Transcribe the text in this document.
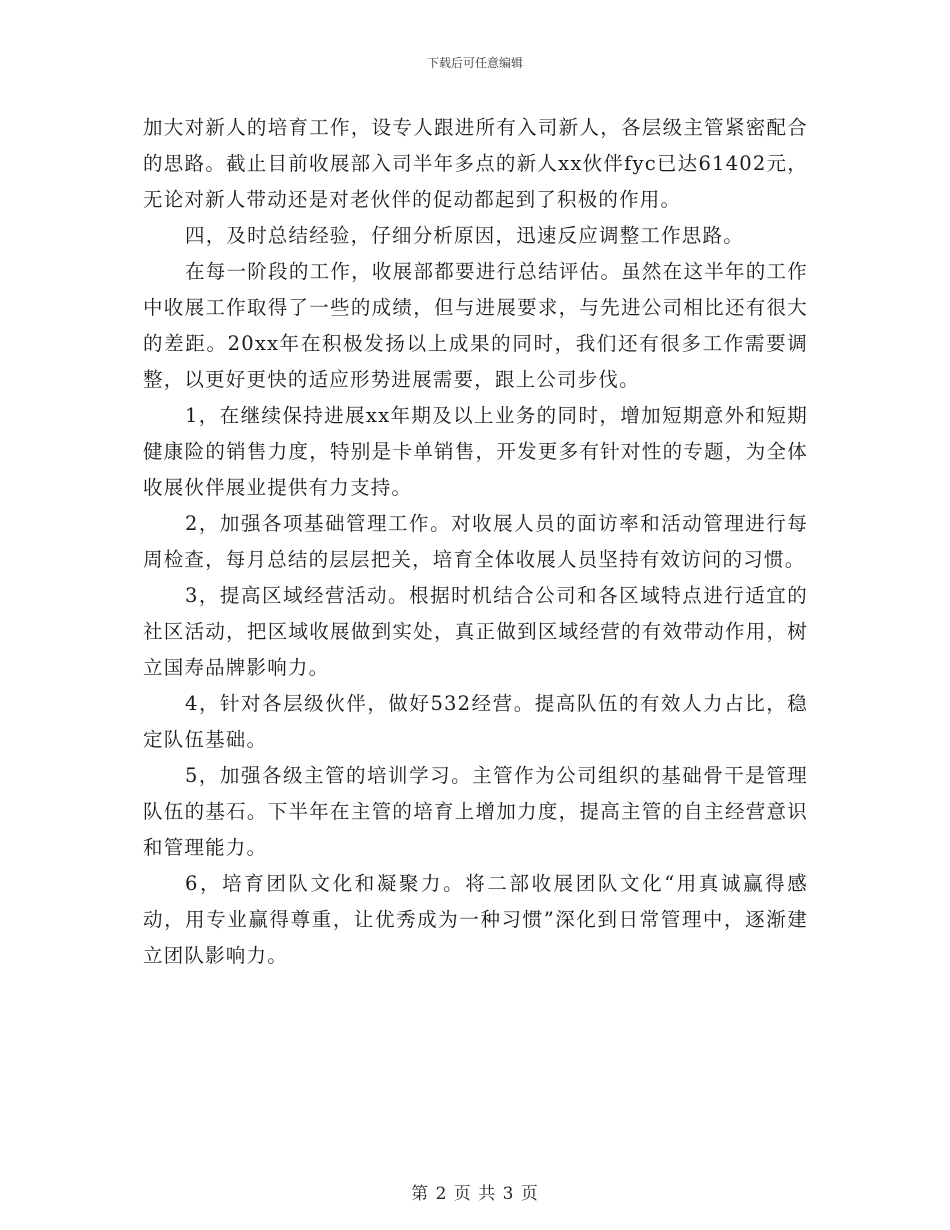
下载后可任意编辑

加大对新人的培育工作，设专人跟进所有入司新人，各层级主管紧密配合的思路。截止目前收展部入司半年多点的新人xx伙伴fyc已达61402元，无论对新人带动还是对老伙伴的促动都起到了积极的作用。

四，及时总结经验，仔细分析原因，迅速反应调整工作思路。

在每一阶段的工作，收展部都要进行总结评估。虽然在这半年的工作中收展工作取得了一些的成绩，但与进展要求，与先进公司相比还有很大的差距。20xx年在积极发扬以上成果的同时，我们还有很多工作需要调整，以更好更快的适应形势进展需要，跟上公司步伐。

1，在继续保持进展xx年期及以上业务的同时，增加短期意外和短期健康险的销售力度，特别是卡单销售，开发更多有针对性的专题，为全体收展伙伴展业提供有力支持。

2，加强各项基础管理工作。对收展人员的面访率和活动管理进行每周检查，每月总结的层层把关，培育全体收展人员坚持有效访问的习惯。

3，提高区域经营活动。根据时机结合公司和各区域特点进行适宜的社区活动，把区域收展做到实处，真正做到区域经营的有效带动作用，树立国寿品牌影响力。

4，针对各层级伙伴，做好532经营。提高队伍的有效人力占比，稳定队伍基础。

5，加强各级主管的培训学习。主管作为公司组织的基础骨干是管理队伍的基石。下半年在主管的培育上增加力度，提高主管的自主经营意识和管理能力。

6，培育团队文化和凝聚力。将二部收展团队文化“用真诚赢得感动，用专业赢得尊重，让优秀成为一种习惯”深化到日常管理中，逐渐建立团队影响力。

第 2 页 共 3 页
